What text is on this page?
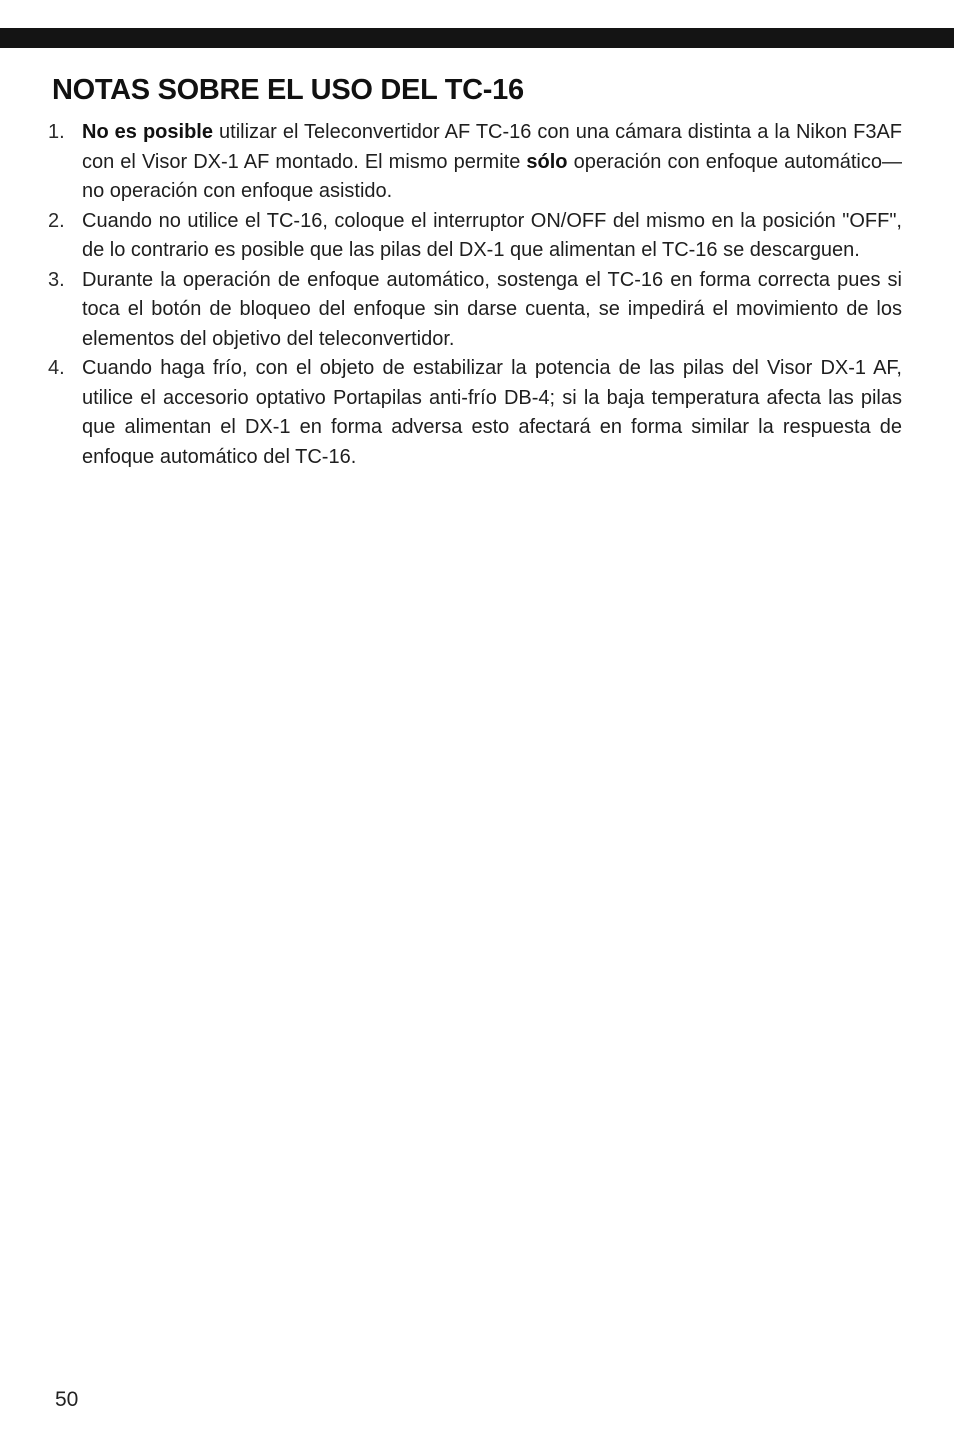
NOTAS SOBRE EL USO DEL TC-16
1. No es posible utilizar el Teleconvertidor AF TC-16 con una cámara distinta a la Nikon F3AF con el Visor DX-1 AF montado. El mismo permite sólo operación con enfoque automático—no operación con enfoque asistido.
2. Cuando no utilice el TC-16, coloque el interruptor ON/OFF del mismo en la posición "OFF", de lo contrario es posible que las pilas del DX-1 que alimentan el TC-16 se descarguen.
3. Durante la operación de enfoque automático, sostenga el TC-16 en forma correcta pues si toca el botón de bloqueo del enfoque sin darse cuenta, se impedirá el movimiento de los elementos del objetivo del teleconvertidor.
4. Cuando haga frío, con el objeto de estabilizar la potencia de las pilas del Visor DX-1 AF, utilice el accesorio optativo Portapilas anti-frío DB-4; si la baja temperatura afecta las pilas que alimentan el DX-1 en forma adversa esto afectará en forma similar la respuesta de enfoque automático del TC-16.
50
